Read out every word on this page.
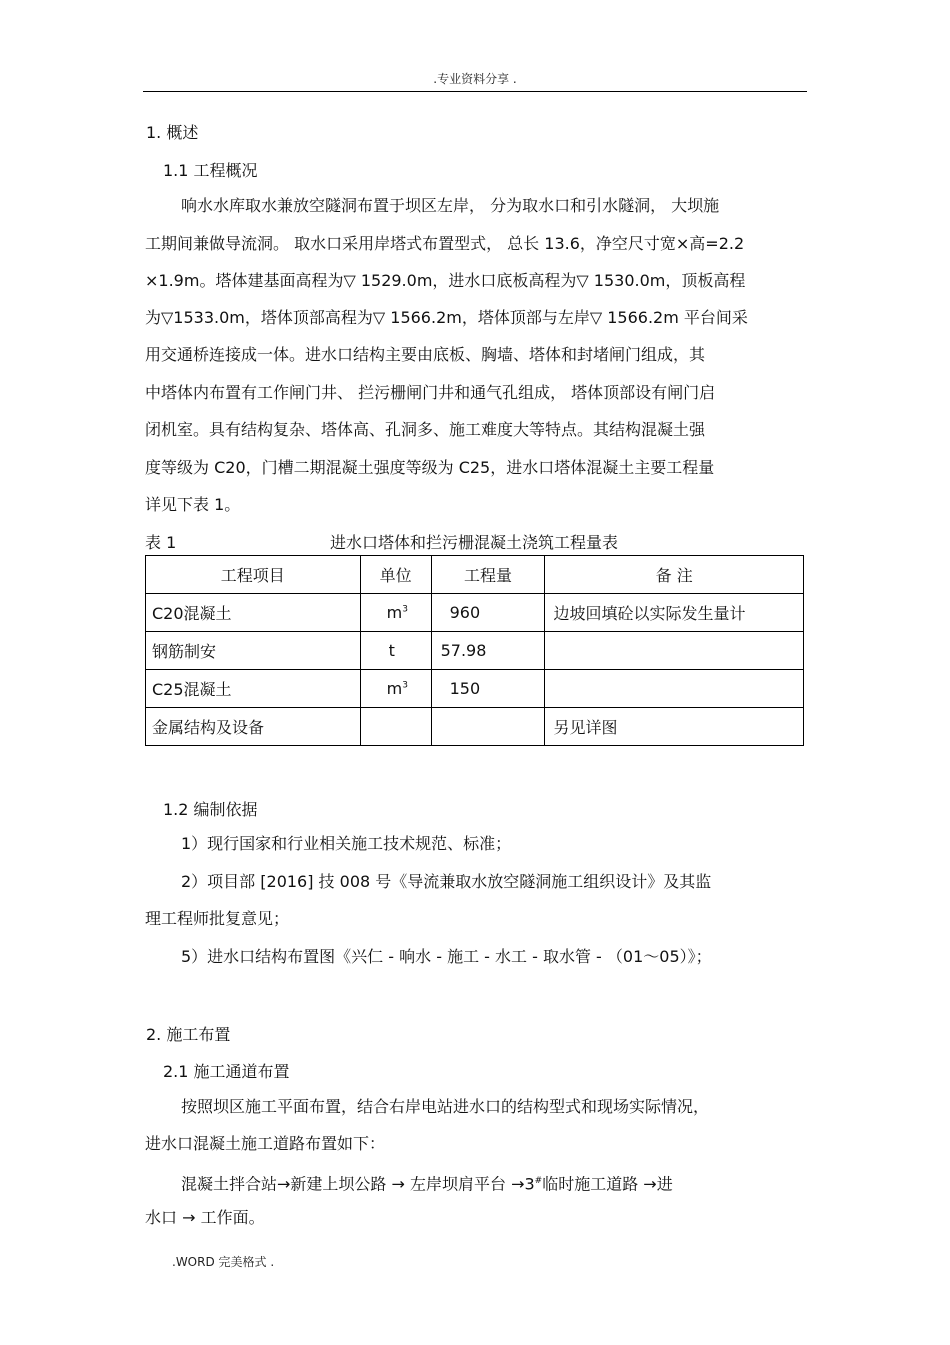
.专业资料分享 .
1. 概述
1.1 工程概况
响水水库取水兼放空隧洞布置于坝区左岸， 分为取水口和引水隧洞， 大坝施
工期间兼做导流洞。 取水口采用岸塔式布置型式， 总长 13.6，净空尺寸宽×高=2.2
×1.9m。塔体建基面高程为▽ 1529.0m，进水口底板高程为▽ 1530.0m，顶板高程
为▽1533.0m，塔体顶部高程为▽ 1566.2m，塔体顶部与左岸▽ 1566.2m 平台间采
用交通桥连接成一体。进水口结构主要由底板、胸墙、塔体和封堵闸门组成，其
中塔体内布置有工作闸门井、 拦污栅闸门井和通气孔组成， 塔体顶部设有闸门启
闭机室。具有结构复杂、塔体高、孔洞多、施工难度大等特点。其结构混凝土强
度等级为 C20，门槽二期混凝土强度等级为 C25，进水口塔体混凝土主要工程量
详见下表 1。
表 1	进水口塔体和拦污栅混凝土浇筑工程量表
工程项目	单位	工程量	备 注
C20混凝土	$m^3$	960	边坡回填砼以实际发生量计
钢筋制安	t	57.98	
C25混凝土	$m^3$	150	
金属结构及设备			另见详图
1.2 编制依据
1）现行国家和行业相关施工技术规范、标准；
2）项目部 [2016] 技 008 号《导流兼取水放空隧洞施工组织设计》及其监
理工程师批复意见；
5）进水口结构布置图《兴仁 - 响水 - 施工 - 水工 - 取水管 - （01～05）》；
2. 施工布置
2.1 施工通道布置
按照坝区施工平面布置，结合右岸电站进水口的结构型式和现场实际情况，
进水口混凝土施工道路布置如下：
混凝土拌合站→新建上坝公路 → 左岸坝肩平台 →3#临时施工道路 →进
水口 → 工作面。
.WORD 完美格式 .
